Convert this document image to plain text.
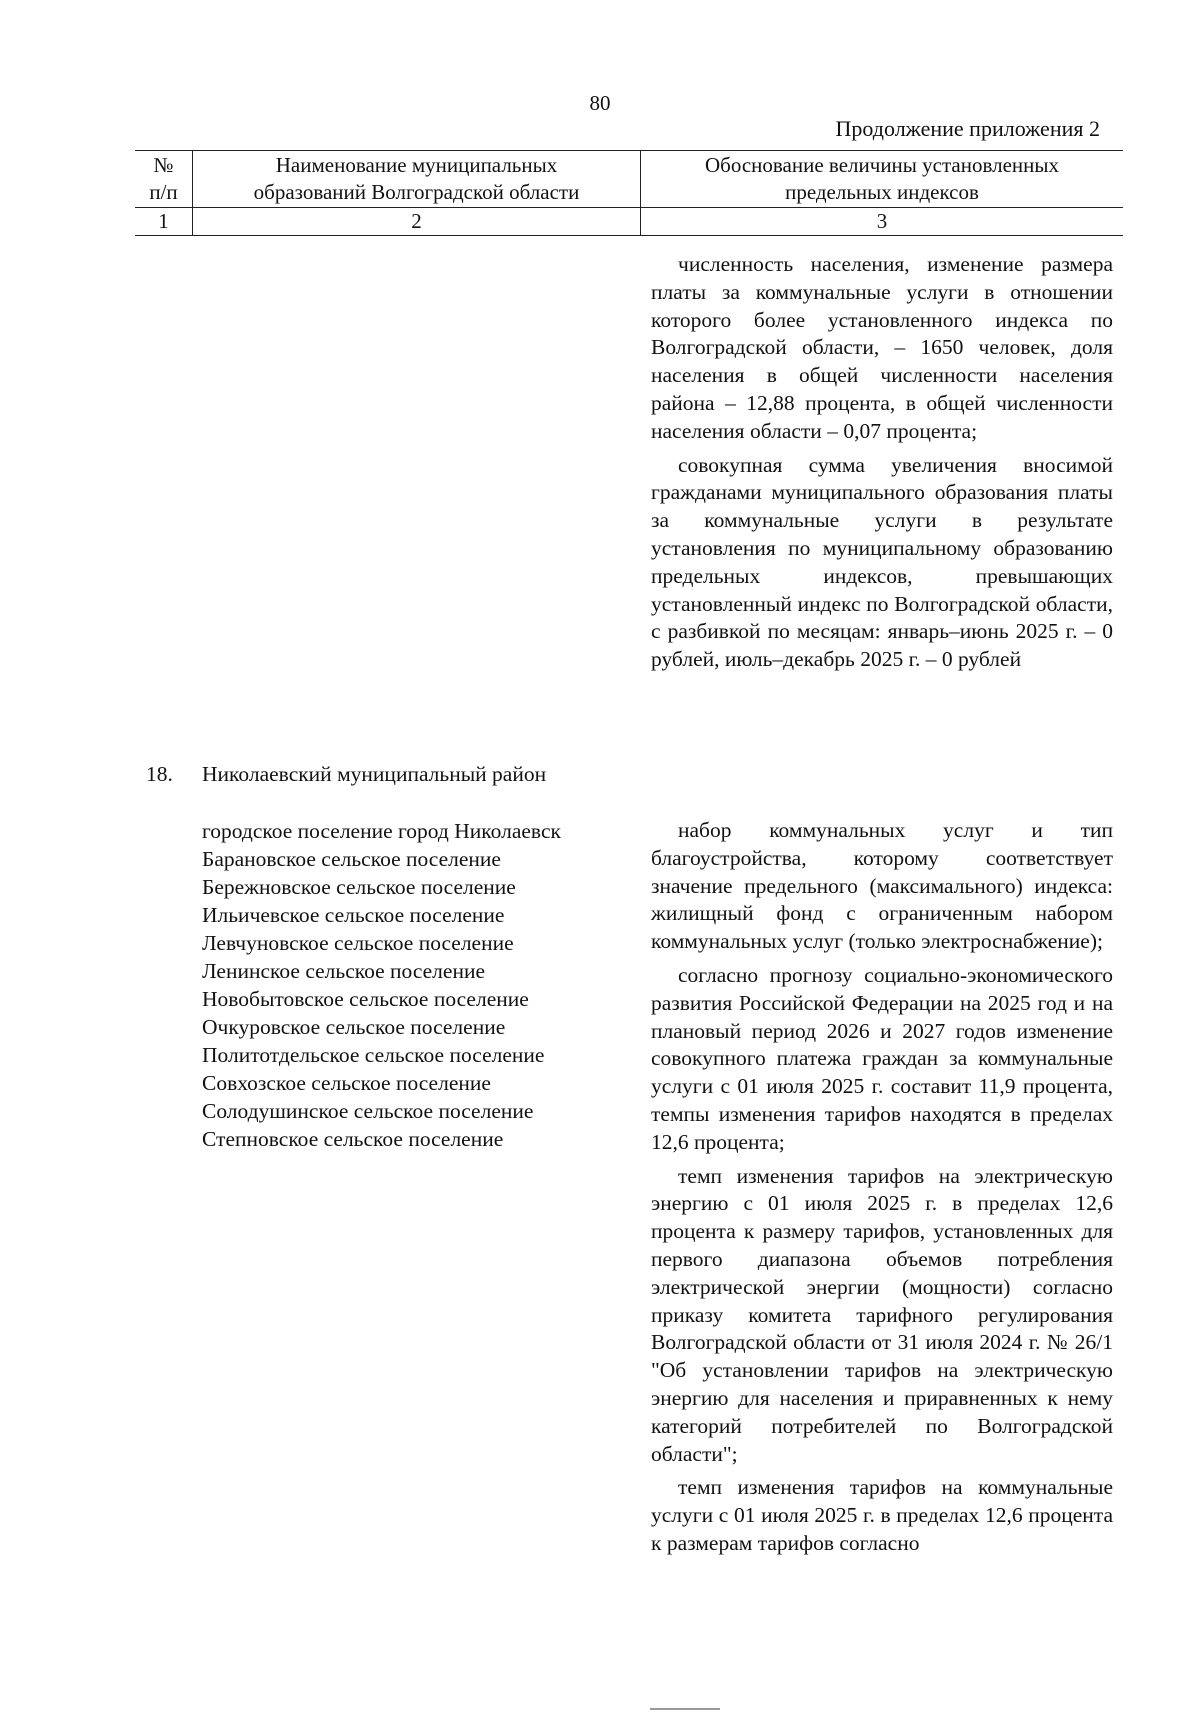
80
Продолжение приложения 2
№
п/п
Наименование муниципальных
образований Волгоградской области
Обоснование величины установленных
предельных индексов
1	2	3

численность населения, изменение размера платы за коммунальные услуги в отношении которого более установленного индекса по Волгоградской области, – 1650 человек, доля населения в общей численности населения района – 12,88 процента, в общей численности населения области – 0,07 процента;

совокупная сумма увеличения вносимой гражданами муниципального образования платы за коммунальные услуги в результате установления по муниципальному образованию предельных индексов, превышающих установленный индекс по Волгоградской области, с разбивкой по месяцам: январь–июнь 2025 г. – 0 рублей, июль–декабрь 2025 г. – 0 рублей

18. Николаевский муниципальный район
городское поселение город Николаевск
Барановское сельское поселение
Бережновское сельское поселение
Ильичевское сельское поселение
Левчуновское сельское поселение
Ленинское сельское поселение
Новобытовское сельское поселение
Очкуровское сельское поселение
Политотдельское сельское поселение
Совхозское сельское поселение
Солодушинское сельское поселение
Степновское сельское поселение

набор коммунальных услуг и тип благоустройства, которому соответствует значение предельного (максимального) индекса: жилищный фонд с ограниченным набором коммунальных услуг (только электроснабжение);

согласно прогнозу социально-экономического развития Российской Федерации на 2025 год и на плановый период 2026 и 2027 годов изменение совокупного платежа граждан за коммунальные услуги с 01 июля 2025 г. составит 11,9 процента, темпы изменения тарифов находятся в пределах 12,6 процента;

темп изменения тарифов на электрическую энергию с 01 июля 2025 г. в пределах 12,6 процента к размеру тарифов, установленных для первого диапазона объемов потребления электрической энергии (мощности) согласно приказу комитета тарифного регулирования Волгоградской области от 31 июля 2024 г. № 26/1 "Об установлении тарифов на электрическую энергию для населения и приравненных к нему категорий потребителей по Волгоградской области";

темп изменения тарифов на коммунальные услуги с 01 июля 2025 г. в пределах 12,6 процента к размерам тарифов согласно
